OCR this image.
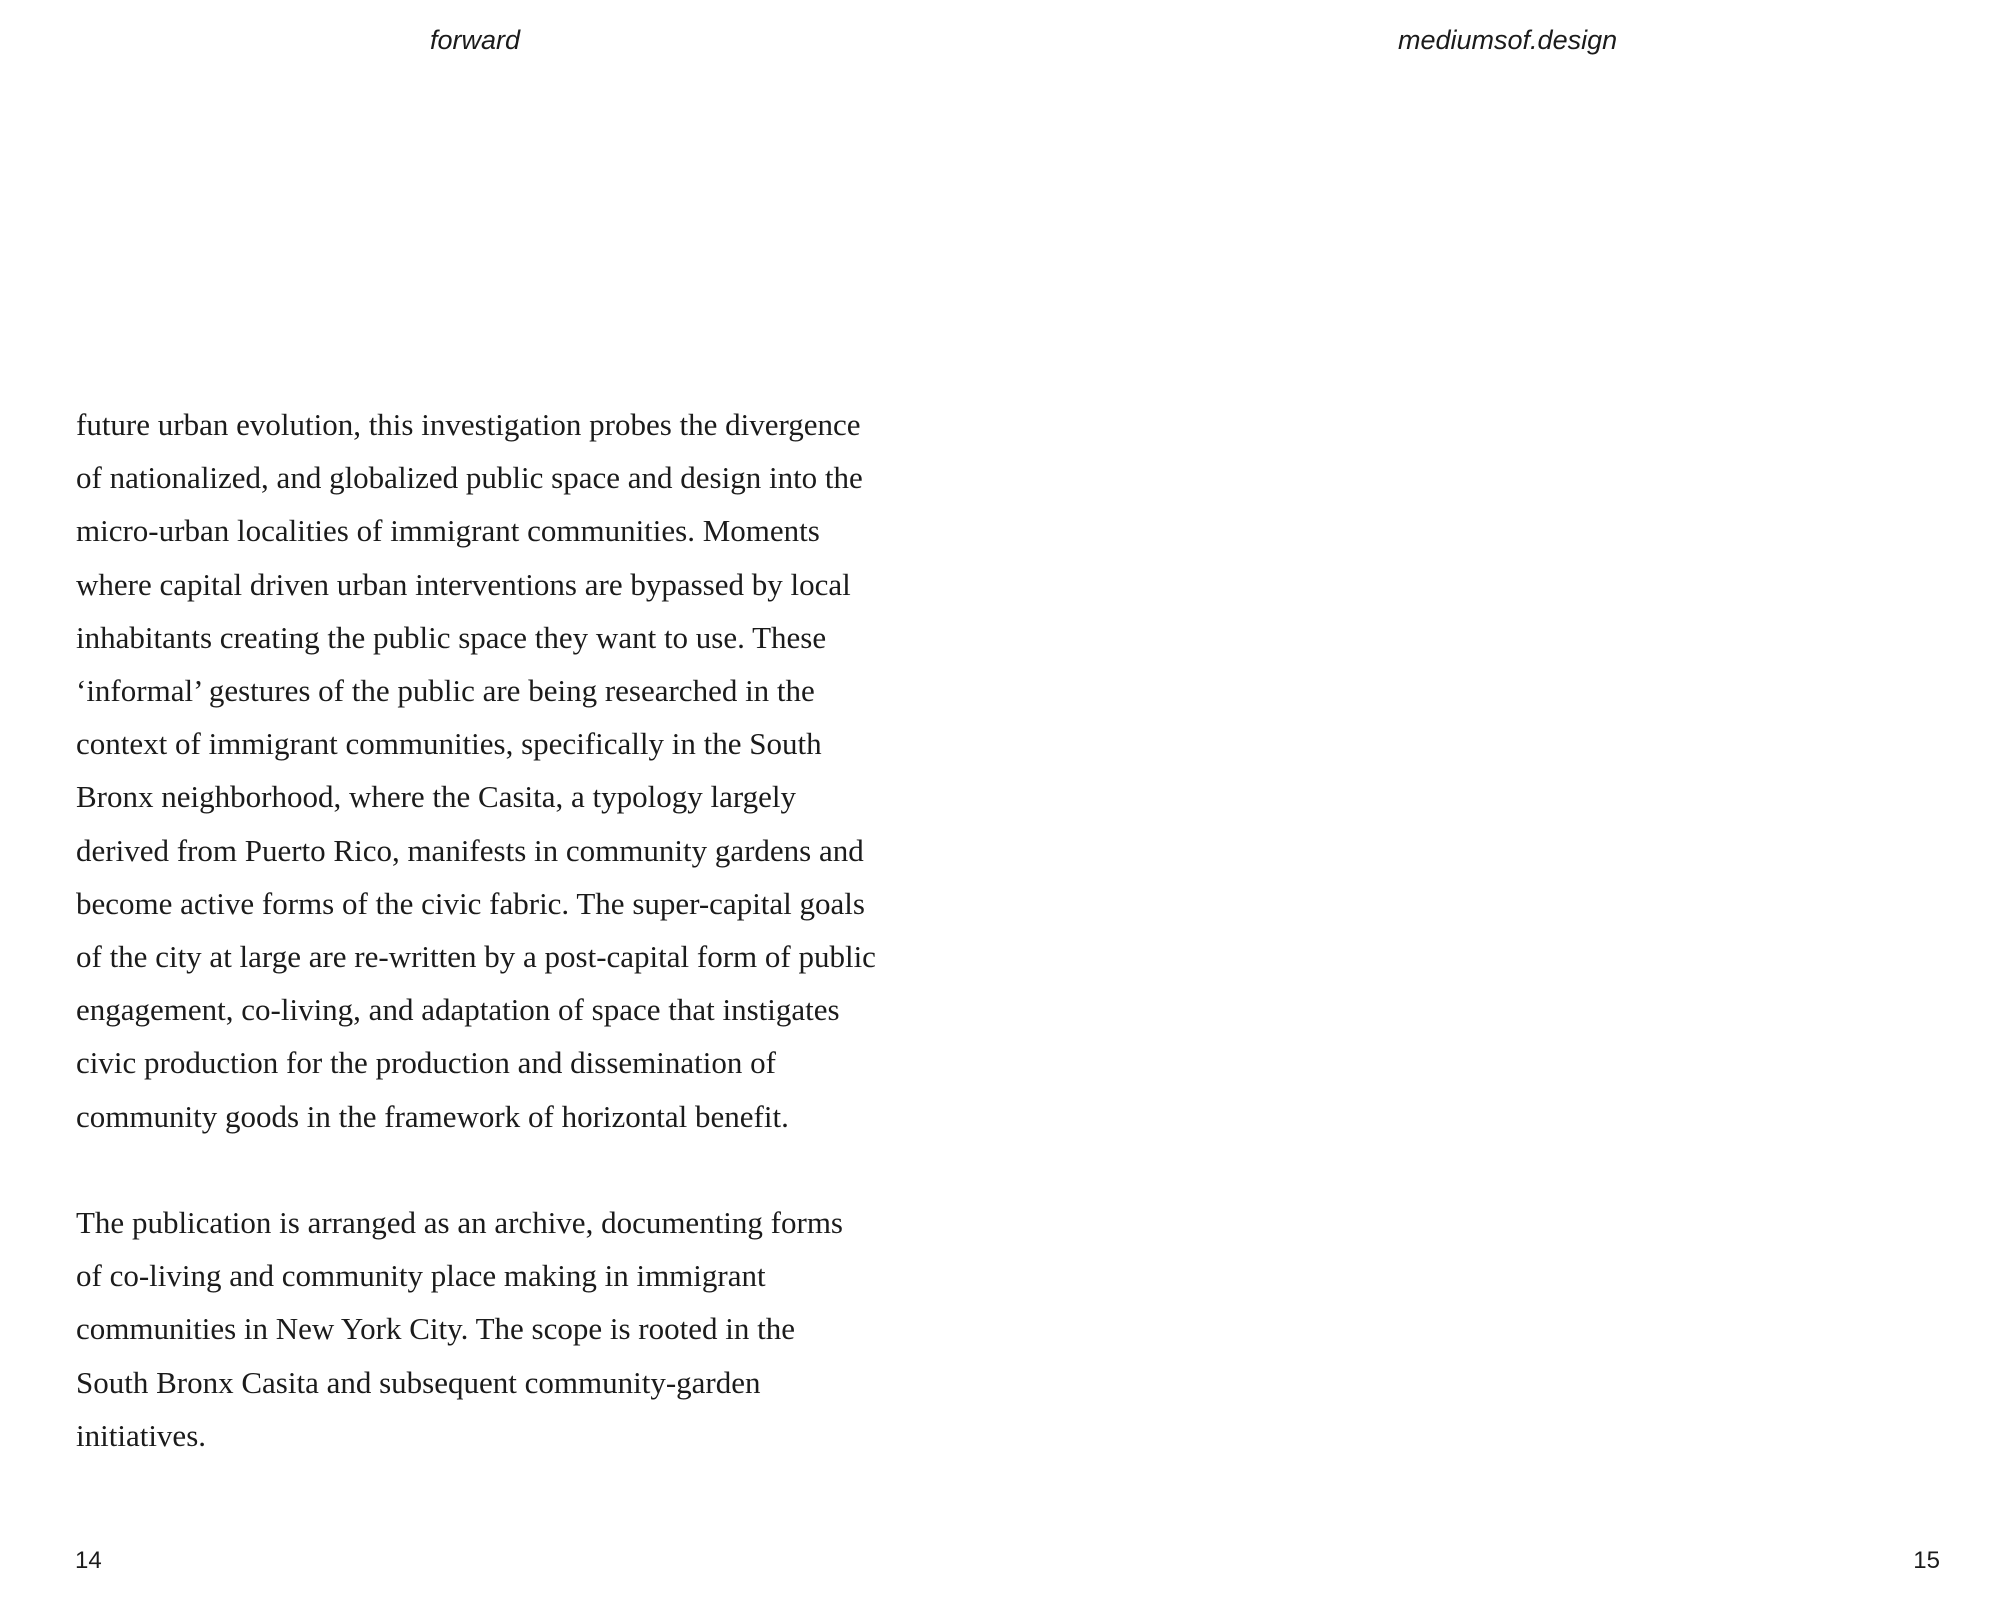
forward	mediumsof.design

future urban evolution, this investigation probes the divergence
of nationalized, and globalized public space and design into the
micro-urban localities of immigrant communities. Moments
where capital driven urban interventions are bypassed by local
inhabitants creating the public space they want to use. These
‘informal’ gestures of the public are being researched in the
context of immigrant communities, specifically in the South
Bronx neighborhood, where the Casita, a typology largely
derived from Puerto Rico, manifests in community gardens and
become active forms of the civic fabric. The super-capital goals
of the city at large are re-written by a post-capital form of public
engagement, co-living, and adaptation of space that instigates
civic production for the production and dissemination of
community goods in the framework of horizontal benefit.

The publication is arranged as an archive, documenting forms
of co-living and community place making in immigrant
communities in New York City. The scope is rooted in the
South Bronx Casita and subsequent community-garden
initiatives.

14	15
